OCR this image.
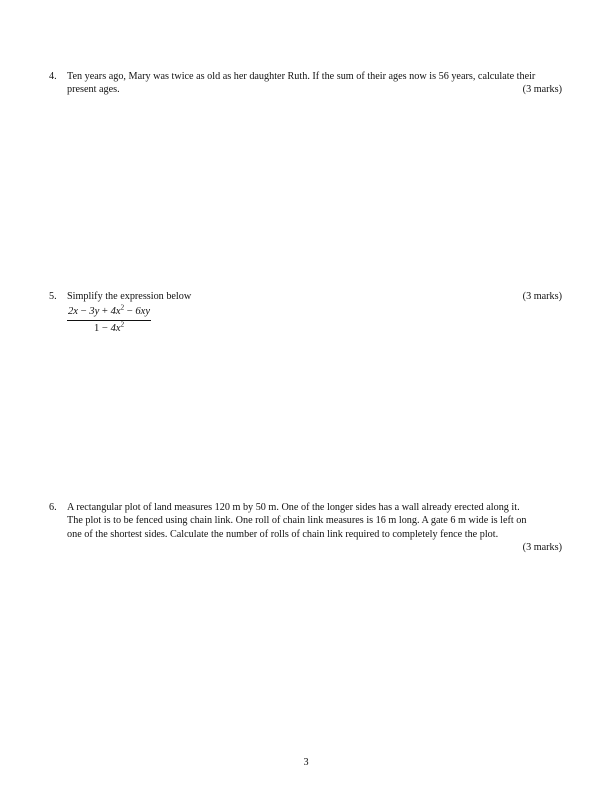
4. Ten years ago, Mary was twice as old as her daughter Ruth. If the sum of their ages now is 56 years, calculate their
present ages.	(3 marks)
5. Simplify the expression below	(3 marks)
$\frac{2x - 3y + 4x^2 - 6xy}{1 - 4x^2}$
6. A rectangular plot of land measures 120 m by 50 m. One of the longer sides has a wall already erected along it.
The plot is to be fenced using chain link. One roll of chain link measures is 16 m long. A gate 6 m wide is left on
one of the shortest sides. Calculate the number of rolls of chain link required to completely fence the plot.
(3 marks)
3
